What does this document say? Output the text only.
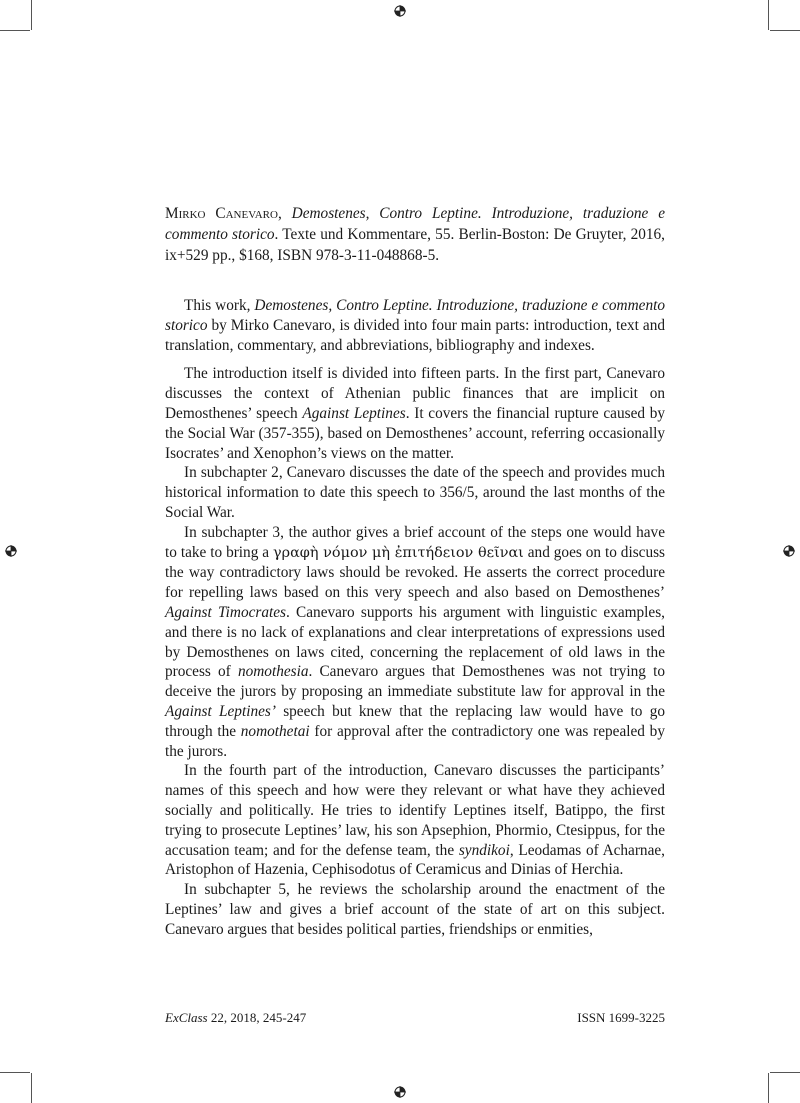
Mirko Canevaro, Demostenes, Contro Leptine. Introduzione, traduzione e commento storico. Texte und Kommentare, 55. Berlin-Boston: De Gruyter, 2016, ix+529 pp., $168, ISBN 978-3-11-048868-5.

This work, Demostenes, Contro Leptine. Introduzione, traduzione e commento storico by Mirko Canevaro, is divided into four main parts: introduction, text and translation, commentary, and abbreviations, bibliography and indexes.

The introduction itself is divided into fifteen parts. In the first part, Canevaro discusses the context of Athenian public finances that are implicit on Demosthenes’ speech Against Leptines. It covers the financial rupture caused by the Social War (357-355), based on Demosthenes’ account, referring occasionally Isocrates’ and Xenophon’s views on the matter.

In subchapter 2, Canevaro discusses the date of the speech and provides much historical information to date this speech to 356/5, around the last months of the Social War.

In subchapter 3, the author gives a brief account of the steps one would have to take to bring a γραφὴ νόμον μὴ ἐπιτήδειον θεῖναι and goes on to discuss the way contradictory laws should be revoked. He asserts the correct procedure for repelling laws based on this very speech and also based on Demosthenes’ Against Timocrates. Canevaro supports his argument with linguistic examples, and there is no lack of explanations and clear interpretations of expressions used by Demosthenes on laws cited, concerning the replacement of old laws in the process of nomothesia. Canevaro argues that Demosthenes was not trying to deceive the jurors by proposing an immediate substitute law for approval in the Against Leptines’ speech but knew that the replacing law would have to go through the nomothetai for approval after the contradictory one was repealed by the jurors.

In the fourth part of the introduction, Canevaro discusses the participants’ names of this speech and how were they relevant or what have they achieved socially and politically. He tries to identify Leptines itself, Batippo, the first trying to prosecute Leptines’ law, his son Apsephion, Phormio, Ctesippus, for the accusation team; and for the defense team, the syndikoi, Leodamas of Acharnae, Aristophon of Hazenia, Cephisodotus of Ceramicus and Dinias of Herchia.

In subchapter 5, he reviews the scholarship around the enactment of the Leptines’ law and gives a brief account of the state of art on this subject. Canevaro argues that besides political parties, friendships or enmities,

ExClass 22, 2018, 245-247	ISSN 1699-3225
